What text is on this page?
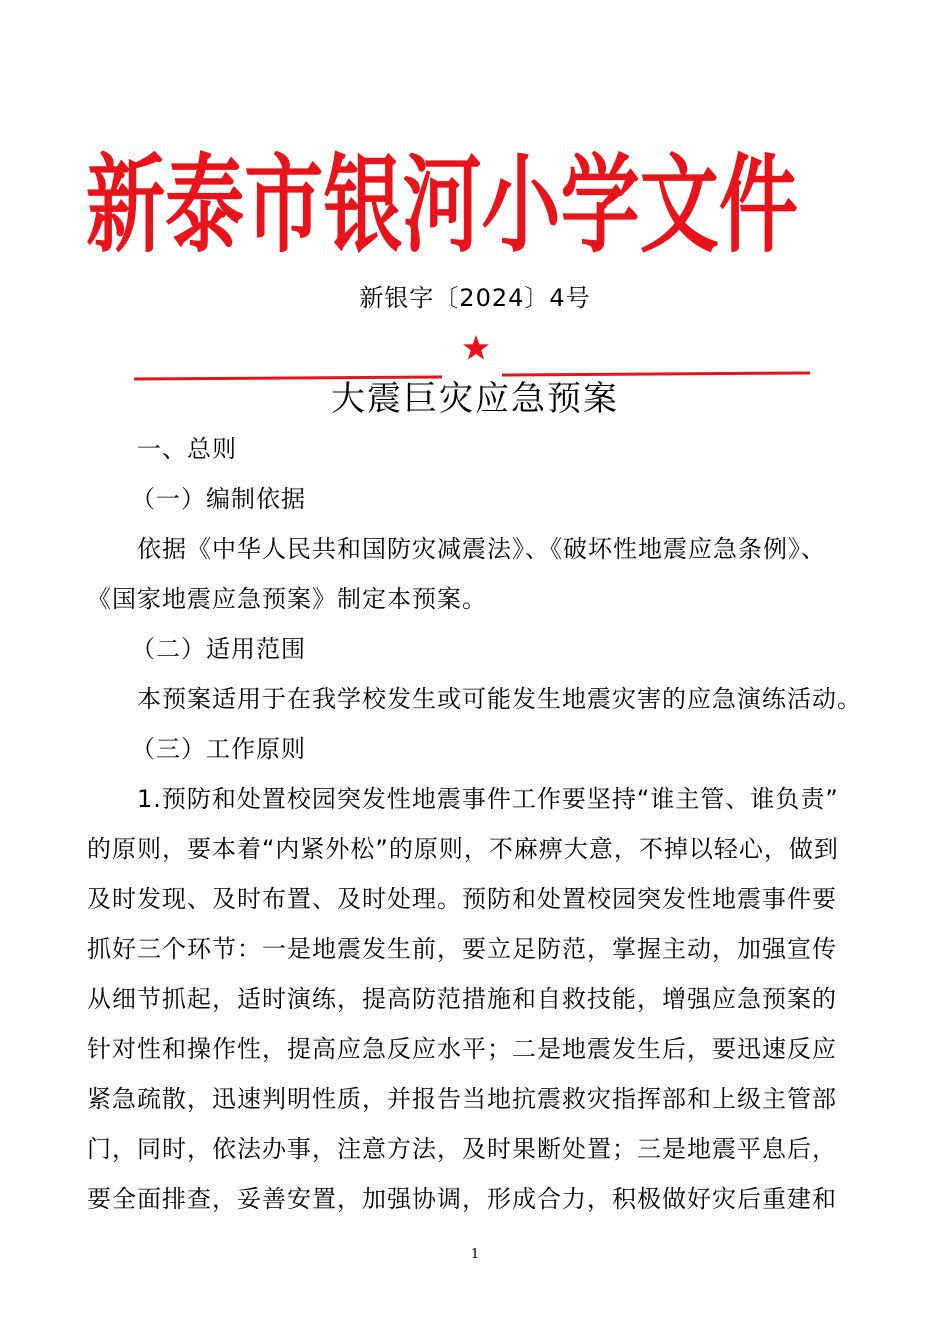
新泰市银河小学文件
新银字〔2024〕4号
大震巨灾应急预案
一、总则
（一）编制依据
依据《中华人民共和国防灾减震法》、《破坏性地震应急条例》、
《国家地震应急预案》制定本预案。
（二）适用范围
本预案适用于在我学校发生或可能发生地震灾害的应急演练活动。
（三）工作原则
1.预防和处置校园突发性地震事件工作要坚持“谁主管、谁负责”
的原则，要本着“内紧外松”的原则，不麻痹大意，不掉以轻心，做到
及时发现、及时布置、及时处理。预防和处置校园突发性地震事件要
抓好三个环节：一是地震发生前，要立足防范，掌握主动，加强宣传
从细节抓起，适时演练，提高防范措施和自救技能，增强应急预案的
针对性和操作性，提高应急反应水平；二是地震发生后，要迅速反应
紧急疏散，迅速判明性质，并报告当地抗震救灾指挥部和上级主管部
门，同时，依法办事，注意方法，及时果断处置；三是地震平息后，
要全面排查，妥善安置，加强协调，形成合力，积极做好灾后重建和
1
